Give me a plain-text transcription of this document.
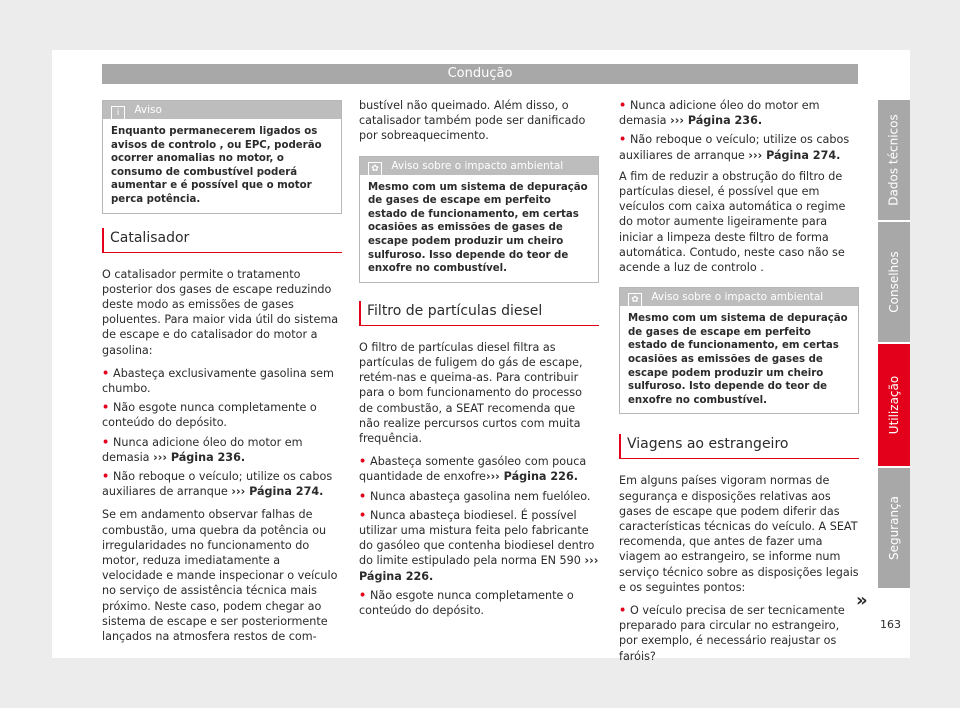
Condução
i Aviso
Enquanto permanecerem ligados os avisos de controlo , ou EPC, poderão ocorrer anomalias no motor, o consumo de combustível poderá aumentar e é possível que o motor perca potência.
Catalisador

O catalisador permite o tratamento posterior dos gases de escape reduzindo deste modo as emissões de gases poluentes. Para maior vida útil do sistema de escape e do catalisador do motor a gasolina:

• Abasteça exclusivamente gasolina sem chumbo.
• Não esgote nunca completamente o conteúdo do depósito.
• Nunca adicione óleo do motor em demasia ››› Página 236.
• Não reboque o veículo; utilize os cabos auxiliares de arranque ››› Página 274.

Se em andamento observar falhas de combustão, uma quebra da potência ou irregularidades no funcionamento do motor, reduza imediatamente a velocidade e mande inspecionar o veículo no serviço de assistência técnica mais próximo. Neste caso, podem chegar ao sistema de escape e ser posteriormente lançados na atmosfera restos de com-

bustível não queimado. Além disso, o catalisador também pode ser danificado por sobreaquecimento.

✿ Aviso sobre o impacto ambiental
Mesmo com um sistema de depuração de gases de escape em perfeito estado de funcionamento, em certas ocasiões as emissões de gases de escape podem produzir um cheiro sulfuroso. Isso depende do teor de enxofre no combustível.
Filtro de partículas diesel

O filtro de partículas diesel filtra as partículas de fuligem do gás de escape, retém-nas e queima-as. Para contribuir para o bom funcionamento do processo de combustão, a SEAT recomenda que não realize percursos curtos com muita frequência.

• Abasteça somente gasóleo com pouca quantidade de enxofre››› Página 226.
• Nunca abasteça gasolina nem fuelóleo.
• Nunca abasteça biodiesel. É possível utilizar uma mistura feita pelo fabricante do gasóleo que contenha biodiesel dentro do limite estipulado pela norma EN 590 ››› Página 226.
• Não esgote nunca completamente o conteúdo do depósito.
• Nunca adicione óleo do motor em demasia ››› Página 236.
• Não reboque o veículo; utilize os cabos auxiliares de arranque ››› Página 274.

A fim de reduzir a obstrução do filtro de partículas diesel, é possível que em veículos com caixa automática o regime do motor aumente ligeiramente para iniciar a limpeza deste filtro de forma automática. Contudo, neste caso não se acende a luz de controlo .

✿ Aviso sobre o impacto ambiental
Mesmo com um sistema de depuração de gases de escape em perfeito estado de funcionamento, em certas ocasiões as emissões de gases de escape podem produzir um cheiro sulfuroso. Isto depende do teor de enxofre no combustível.
Viagens ao estrangeiro

Em alguns países vigoram normas de segurança e disposições relativas aos gases de escape que podem diferir das características técnicas do veículo. A SEAT recomenda, que antes de fazer uma viagem ao estrangeiro, se informe num serviço técnico sobre as disposições legais e os seguintes pontos:

• O veículo precisa de ser tecnicamente preparado para circular no estrangeiro, por exemplo, é necessário reajustar os faróis?
Dados técnicos
Conselhos
Utilização
Segurança
»
163
